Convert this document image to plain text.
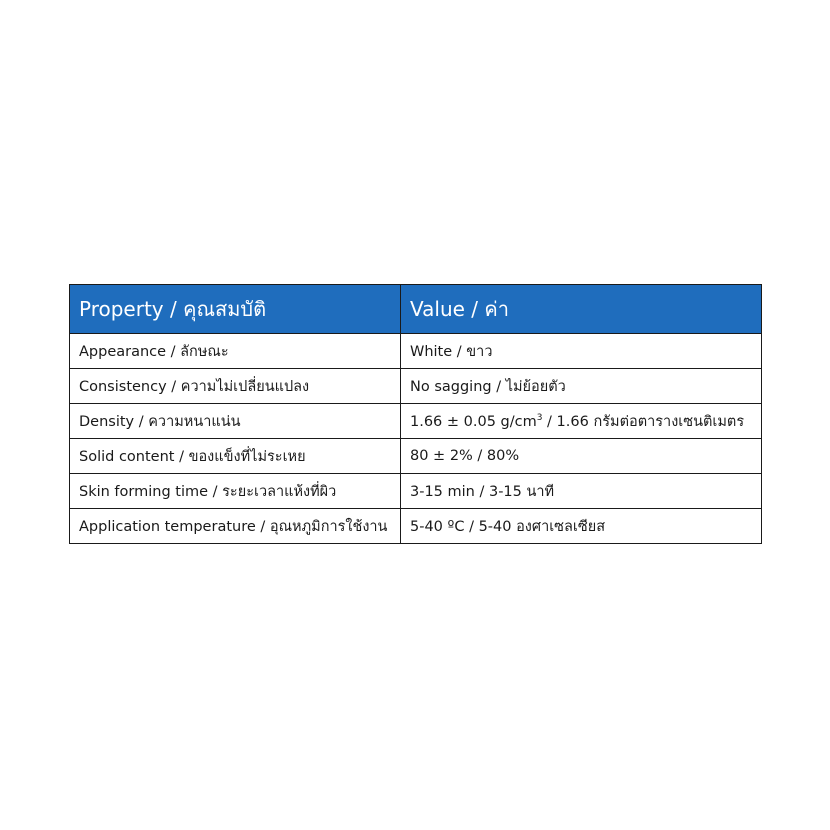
Property / คุณสมบัติ	Value / ค่า
Appearance / ลักษณะ	White / ขาว
Consistency / ความไม่เปลี่ยนแปลง	No sagging / ไม่ย้อยตัว
Density / ความหนาแน่น	1.66 ± 0.05 $g/cm^3 / 1.66$ กรัมต่อตารางเซนติเมตร
Solid content / ของแข็งที่ไม่ระเหย	80 ± 2% / 80%
Skin forming time / ระยะเวลาแห้งที่ผิว	3-15 min / 3-15 นาที
Application temperature / อุณหภูมิการใช้งาน	5-40 ºC / 5-40 องศาเซลเซียส
